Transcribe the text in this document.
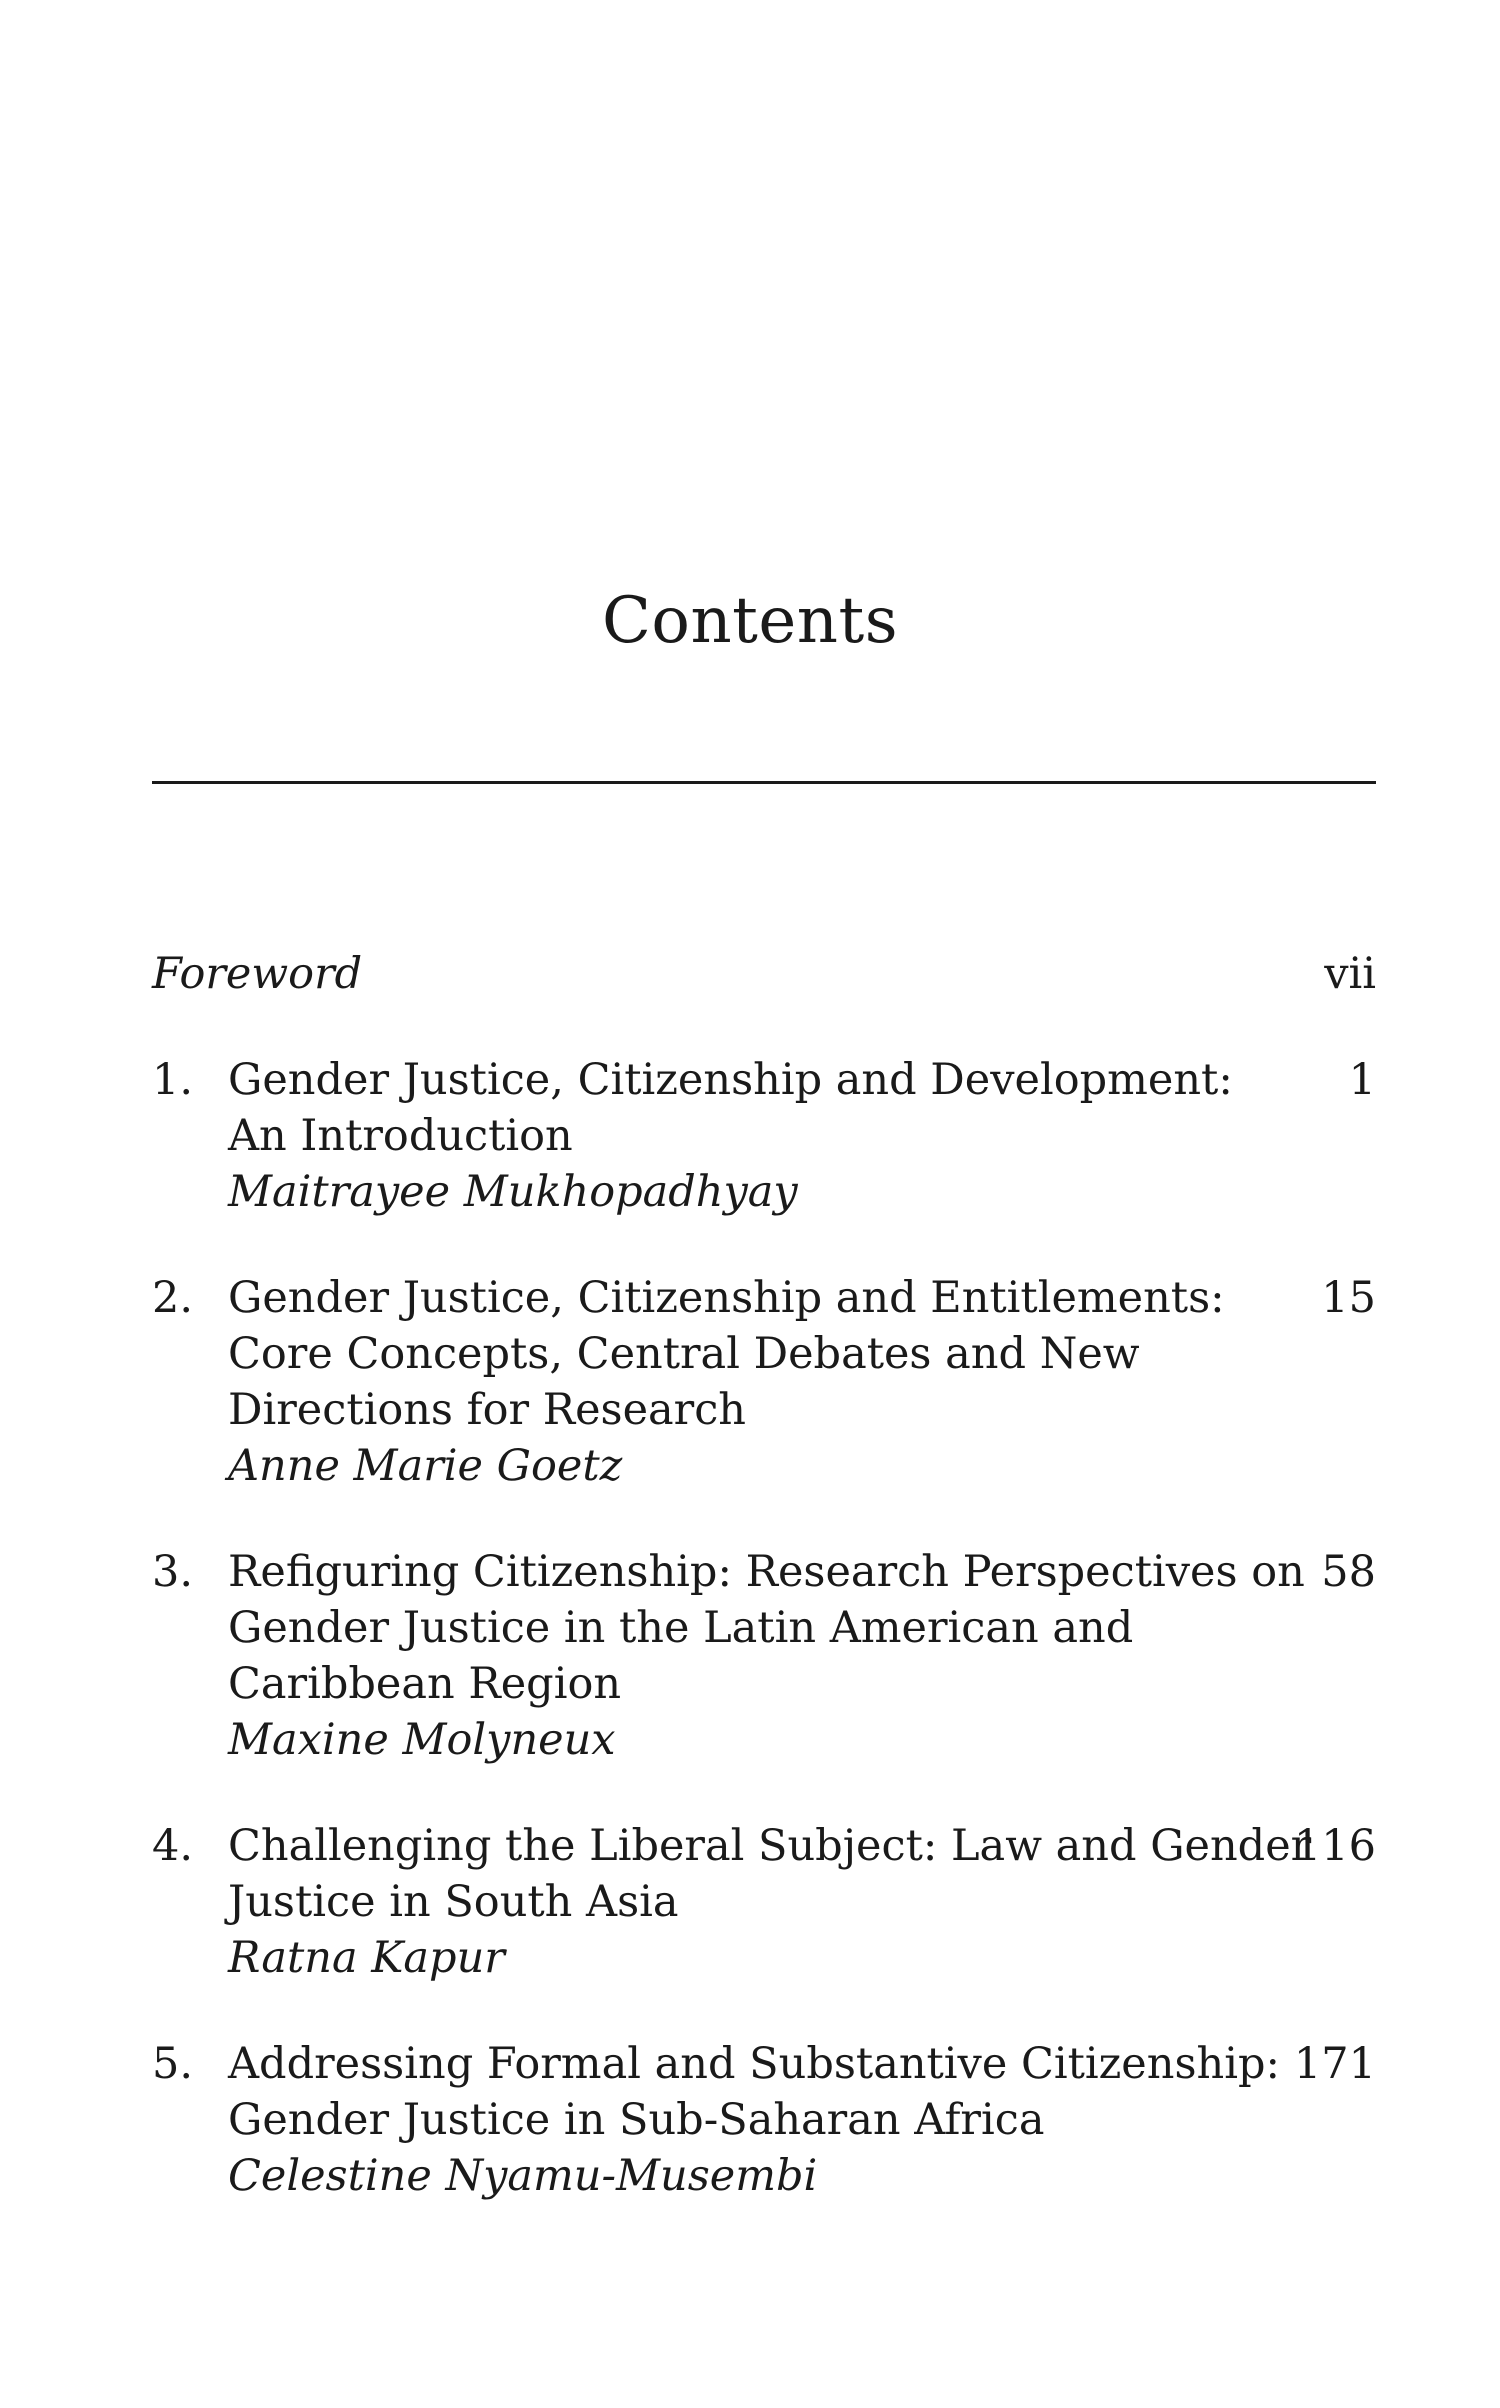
Contents
Foreword	vii
1. Gender Justice, Citizenship and Development:
An Introduction
Maitrayee Mukhopadhyay
1
2. Gender Justice, Citizenship and Entitlements:
Core Concepts, Central Debates and New
Directions for Research
Anne Marie Goetz
15
3. Refiguring Citizenship: Research Perspectives on
Gender Justice in the Latin American and
Caribbean Region
Maxine Molyneux
58
4. Challenging the Liberal Subject: Law and Gender
Justice in South Asia
Ratna Kapur
116
5. Addressing Formal and Substantive Citizenship:
Gender Justice in Sub-Saharan Africa
Celestine Nyamu-Musembi
171
